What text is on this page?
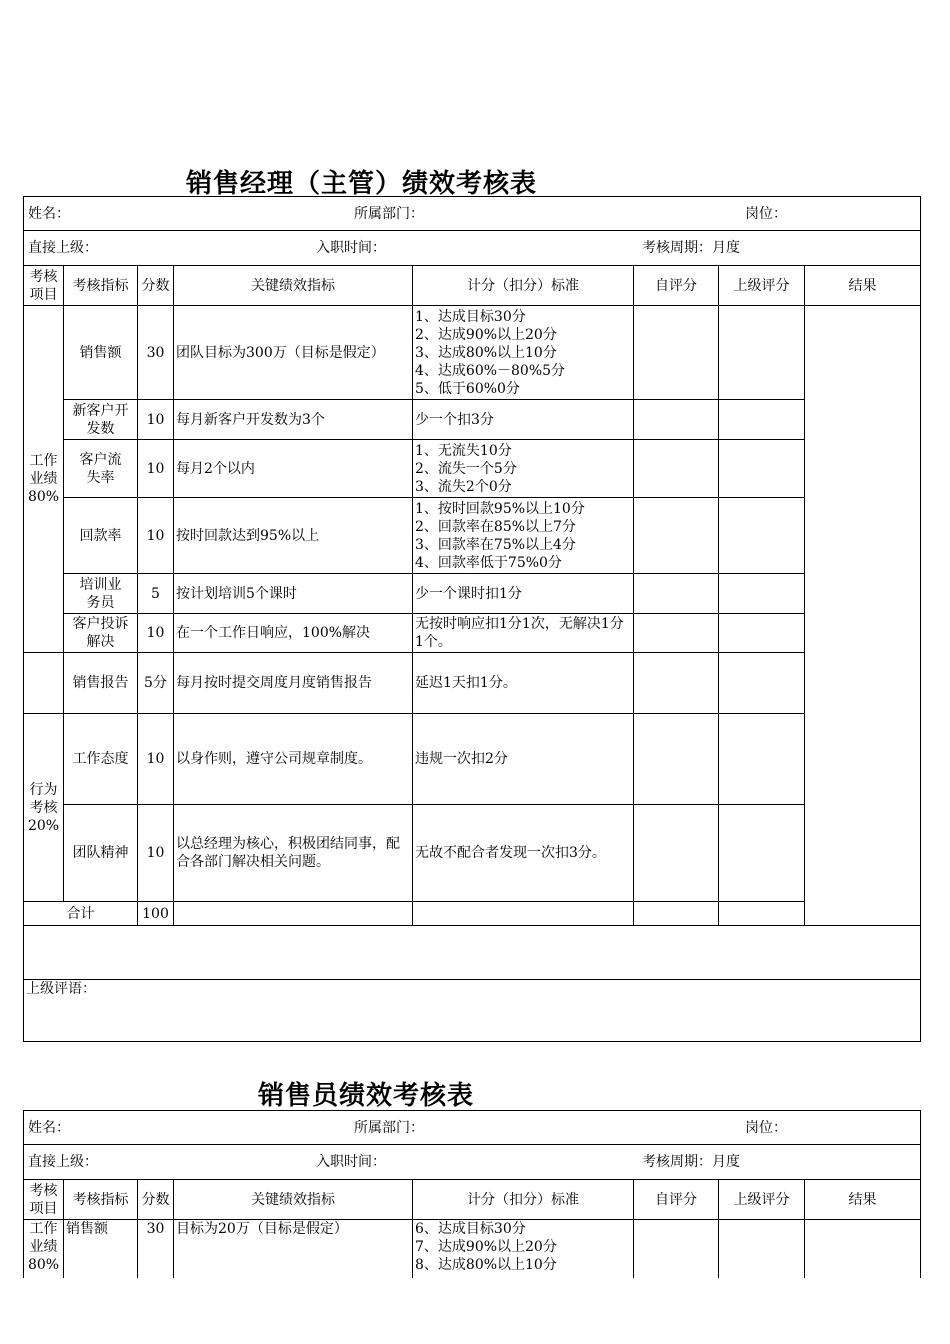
销售经理（主管）绩效考核表
姓名： 所属部门： 岗位：							

直接上级： 入职时间： 考核周期：月度							

考核项目	考核指标	分数	关键绩效指标	计分（扣分）标准	自评分	上级评分	结果
工作业绩80%	销售额	30	团队目标为300万（目标是假定）	1、达成目标30分
2、达成90%以上20分
3、达成80%以上10分
4、达成60%－80%5分
5、低于60%0分			

	新客户开发数	10	每月新客户开发数为3个	少一个扣3分			

	客户流失率	10	每月2个以内	1、无流失10分
2、流失一个5分
3、流失2个0分			

	回款率	10	按时回款达到95%以上	1、按时回款95%以上10分
2、回款率在85%以上7分
3、回款率在75%以上4分
4、回款率低于75%0分			

	培训业务员	5	按计划培训5个课时	少一个课时扣1分			

	客户投诉解决	10	在一个工作日响应，100%解决	无按时响应扣1分1次，无解决1分1个。			
	销售报告	5分	每月按时提交周度月度销售报告	延迟1天扣1分。			
行为考核20%	工作态度	10	以身作则，遵守公司规章制度。	违规一次扣2分			
	团队精神	10	以总经理为核心，积极团结同事，配合各部门解决相关问题。	无故不配合者发现一次扣3分。			
合计		100					

上级评语：							
销售员绩效考核表
姓名： 所属部门： 岗位：							

直接上级： 入职时间： 考核周期：月度							

考核项目	考核指标	分数	关键绩效指标	计分（扣分）标准	自评分	上级评分	结果
工作业绩80%	销售额	30	目标为20万（目标是假定）	6、达成目标30分
7、达成90%以上20分
8、达成80%以上10分			
